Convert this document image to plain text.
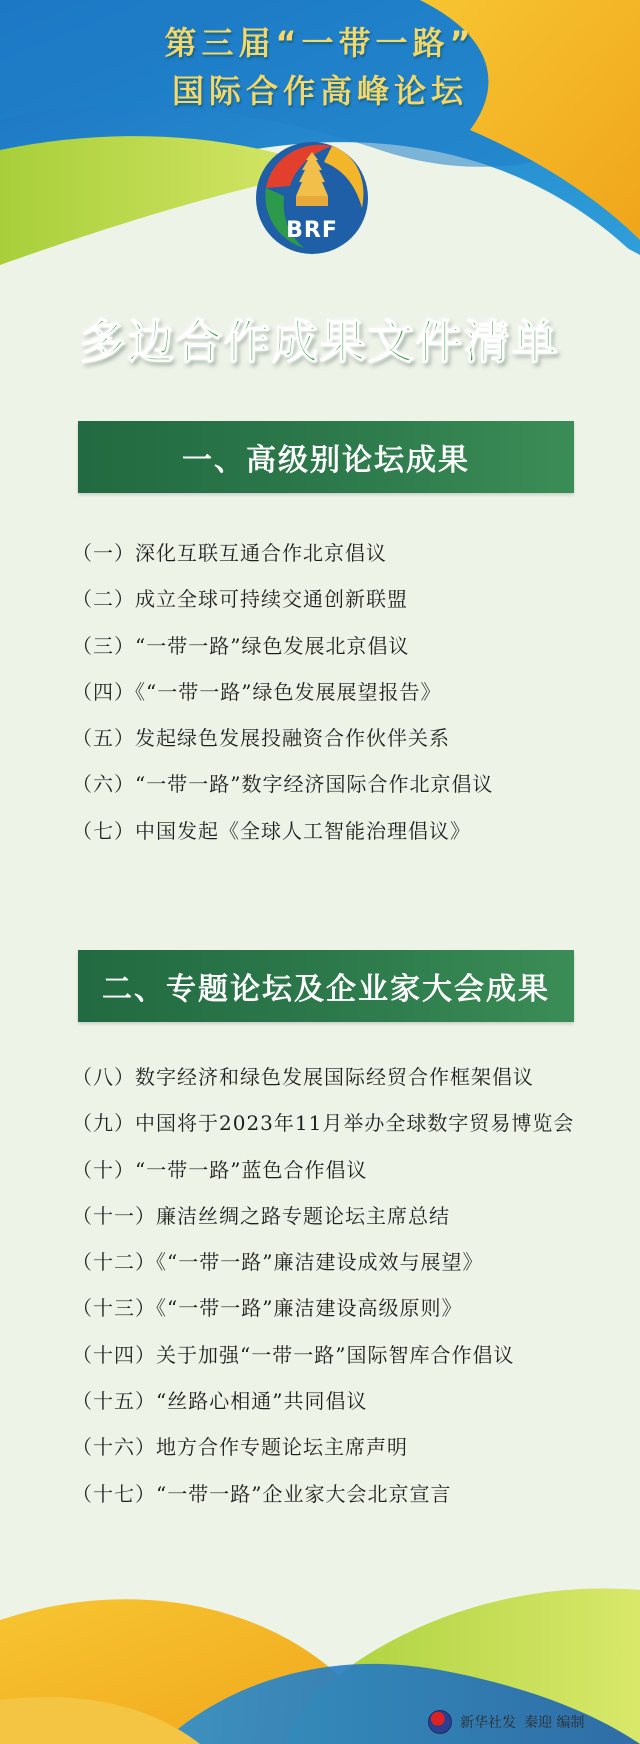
第三届“一带一路”
国际合作高峰论坛
BRF
多边合作成果文件清单
一、高级别论坛成果
（一）深化互联互通合作北京倡议
（二）成立全球可持续交通创新联盟
（三）“一带一路”绿色发展北京倡议
（四）《“一带一路”绿色发展展望报告》
（五）发起绿色发展投融资合作伙伴关系
（六）“一带一路”数字经济国际合作北京倡议
（七）中国发起《全球人工智能治理倡议》
二、专题论坛及企业家大会成果
（八）数字经济和绿色发展国际经贸合作框架倡议
（九）中国将于2023年11月举办全球数字贸易博览会
（十）“一带一路”蓝色合作倡议
（十一）廉洁丝绸之路专题论坛主席总结
（十二）《“一带一路”廉洁建设成效与展望》
（十三）《“一带一路”廉洁建设高级原则》
（十四）关于加强“一带一路”国际智库合作倡议
（十五）“丝路心相通”共同倡议
（十六）地方合作专题论坛主席声明
（十七）“一带一路”企业家大会北京宣言
新华社发 秦迎 编制
